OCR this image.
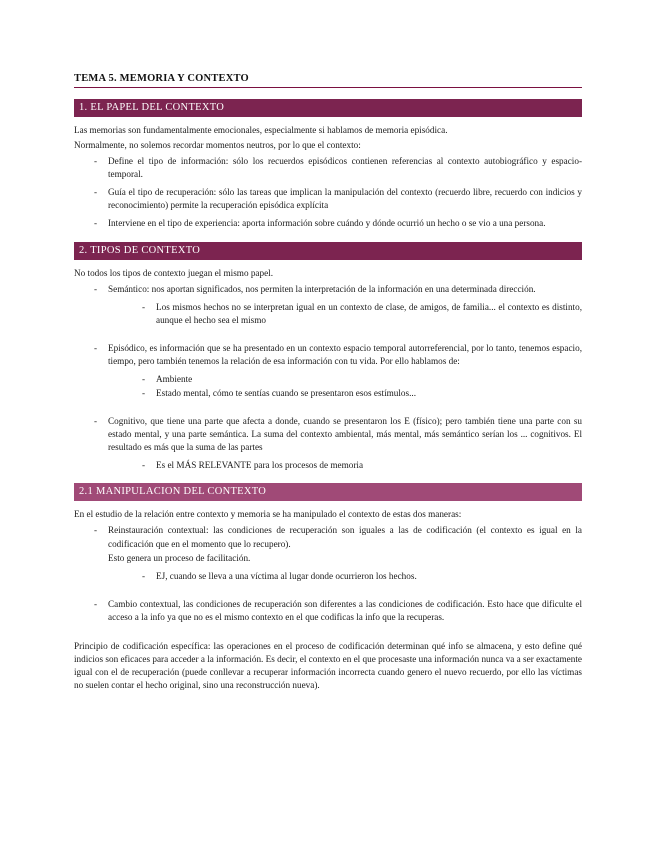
TEMA 5. MEMORIA Y CONTEXTO
1. EL PAPEL DEL CONTEXTO

Las memorias son fundamentalmente emocionales, especialmente si hablamos de memoria episódica.

Normalmente, no solemos recordar momentos neutros, por lo que el contexto:

-	Define el tipo de información: sólo los recuerdos episódicos contienen referencias al contexto autobiográfico y espacio-temporal.
-	Guía el tipo de recuperación: sólo las tareas que implican la manipulación del contexto (recuerdo libre, recuerdo con indicios y reconocimiento) permite la recuperación episódica explícita
-	Interviene en el tipo de experiencia: aporta información sobre cuándo y dónde ocurrió un hecho o se vio a una persona.
2. TIPOS DE CONTEXTO

No todos los tipos de contexto juegan el mismo papel.

-	Semántico: nos aportan significados, nos permiten la interpretación de la información en una determinada dirección.
-	Los mismos hechos no se interpretan igual en un contexto de clase, de amigos, de familia... el contexto es distinto, aunque el hecho sea el mismo
-	Episódico, es información que se ha presentado en un contexto espacio temporal autorreferencial, por lo tanto, tenemos espacio, tiempo, pero también tenemos la relación de esa información con tu vida. Por ello hablamos de:
-	Ambiente
-	Estado mental, cómo te sentías cuando se presentaron esos estímulos...
-	Cognitivo, que tiene una parte que afecta a donde, cuando se presentaron los E (físico); pero también tiene una parte con su estado mental, y una parte semántica. La suma del contexto ambiental, más mental, más semántico serían los ... cognitivos. El resultado es más que la suma de las partes
-	Es el MÁS RELEVANTE para los procesos de memoria
2.1 MANIPULACION DEL CONTEXTO

En el estudio de la relación entre contexto y memoria se ha manipulado el contexto de estas dos maneras:

-	Reinstauración contextual: las condiciones de recuperación son iguales a las de codificación (el contexto es igual en la codificación que en el momento que lo recupero).
Esto genera un proceso de facilitación.
-	EJ, cuando se lleva a una víctima al lugar donde ocurrieron los hechos.
-	Cambio contextual, las condiciones de recuperación son diferentes a las condiciones de codificación. Esto hace que dificulte el acceso a la info ya que no es el mismo contexto en el que codificas la info que la recuperas.

Principio de codificación específica: las operaciones en el proceso de codificación determinan qué info se almacena, y esto define qué indicios son eficaces para acceder a la información. Es decir, el contexto en el que procesaste una información nunca va a ser exactamente igual con el de recuperación (puede conllevar a recuperar información incorrecta cuando genero el nuevo recuerdo, por ello las víctimas no suelen contar el hecho original, sino una reconstrucción nueva).
